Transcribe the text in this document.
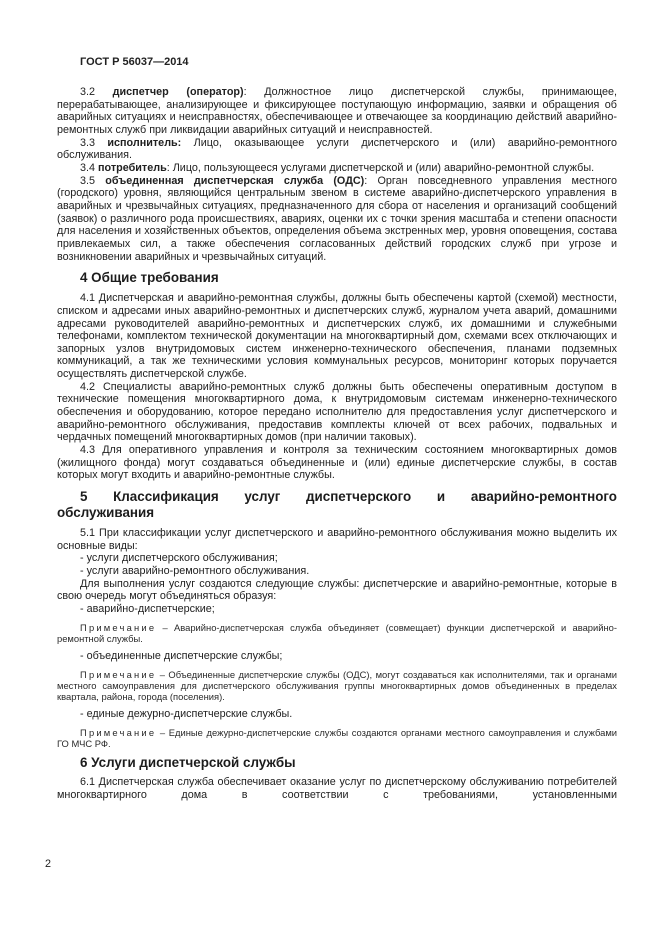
ГОСТ Р 56037—2014

3.2 диспетчер (оператор): Должностное лицо диспетчерской службы, принимающее, перерабатывающее, анализирующее и фиксирующее поступающую информацию, заявки и обращения об аварийных ситуациях и неисправностях, обеспечивающее и отвечающее за координацию действий аварийно-ремонтных служб при ликвидации аварийных ситуаций и неисправностей.

3.3 исполнитель: Лицо, оказывающее услуги диспетчерского и (или) аварийно-ремонтного обслуживания.

3.4 потребитель: Лицо, пользующееся услугами диспетчерской и (или) аварийно-ремонтной службы.

3.5 объединенная диспетчерская служба (ОДС): Орган повседневного управления местного (городского) уровня, являющийся центральным звеном в системе аварийно-диспетчерского управления в аварийных и чрезвычайных ситуациях, предназначенного для сбора от населения и организаций сообщений (заявок) о различного рода происшествиях, авариях, оценки их с точки зрения масштаба и степени опасности для населения и хозяйственных объектов, определения объема экстренных мер, уровня оповещения, состава привлекаемых сил, а также обеспечения согласованных действий городских служб при угрозе и возникновении аварийных и чрезвычайных ситуаций.

4 Общие требования

4.1 Диспетчерская и аварийно-ремонтная службы, должны быть обеспечены картой (схемой) местности, списком и адресами иных аварийно-ремонтных и диспетчерских служб, журналом учета аварий, домашними адресами руководителей аварийно-ремонтных и диспетчерских служб, их домашними и служебными телефонами, комплектом технической документации на многоквартирный дом, схемами всех отключающих и запорных узлов внутридомовых систем инженерно-технического обеспечения, планами подземных коммуникаций, а так же техническими условия коммунальных ресурсов, мониторинг которых поручается осуществлять диспетчерской службе.

4.2 Специалисты аварийно-ремонтных служб должны быть обеспечены оперативным доступом в технические помещения многоквартирного дома, к внутридомовым системам инженерно-технического обеспечения и оборудованию, которое передано исполнителю для предоставления услуг диспетчерского и аварийно-ремонтного обслуживания, предоставив комплекты ключей от всех рабочих, подвальных и чердачных помещений многоквартирных домов (при наличии таковых).

4.3 Для оперативного управления и контроля за техническим состоянием многоквартирных домов (жилищного фонда) могут создаваться объединенные и (или) единые диспетчерские службы, в состав которых могут входить и аварийно-ремонтные службы.

5 Классификация услуг диспетчерского и аварийно-ремонтного
обслуживания

5.1 При классификации услуг диспетчерского и аварийно-ремонтного обслуживания можно выделить их основные виды:

- услуги диспетчерского обслуживания;

- услуги аварийно-ремонтного обслуживания.

Для выполнения услуг создаются следующие службы: диспетчерские и аварийно-ремонтные, которые в свою очередь могут объединяться образуя:

- аварийно-диспетчерские;

Примечание – Аварийно-диспетчерская служба объединяет (совмещает) функции диспетчерской и аварийно-ремонтной службы.

- объединенные диспетчерские службы;

Примечание – Объединенные диспетчерские службы (ОДС), могут создаваться как исполнителями, так и органами местного самоуправления для диспетчерского обслуживания группы многоквартирных домов объединенных в пределах квартала, района, города (поселения).

- единые дежурно-диспетчерские службы.

Примечание – Единые дежурно-диспетчерские службы создаются органами местного самоуправления и службами ГО МЧС РФ.
6 Услуги диспетчерской службы

6.1 Диспетчерская служба обеспечивает оказание услуг по диспетчерскому обслуживанию потребителей многоквартирного дома в соответствии с требованиями, установленными

2
